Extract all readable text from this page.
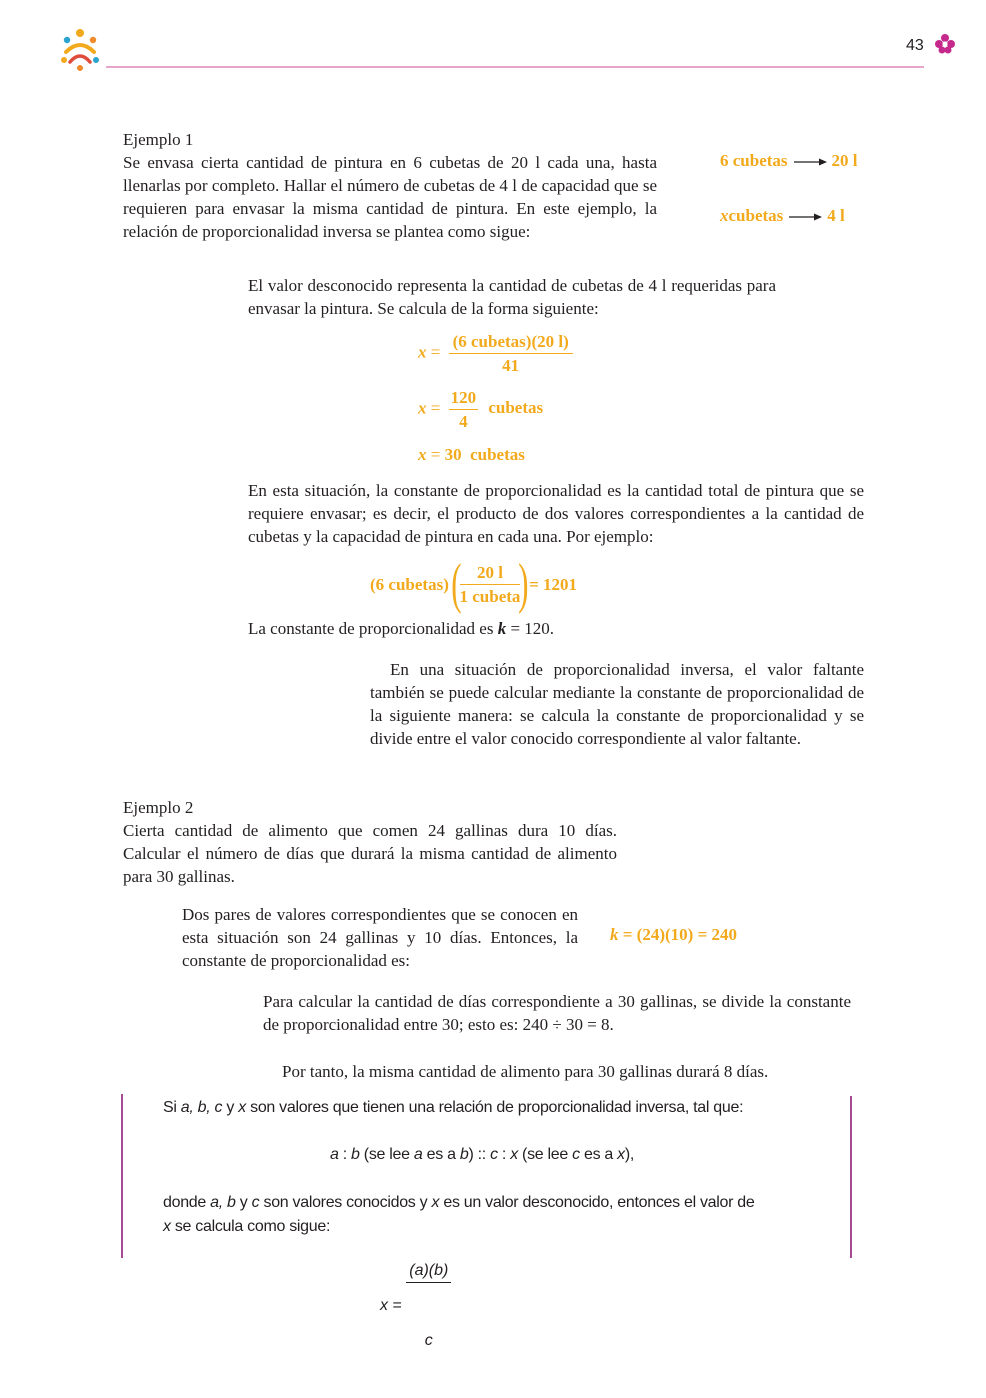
43
Ejemplo 1
Se envasa cierta cantidad de pintura en 6 cubetas de 20 l cada una, hasta llenarlas por completo. Hallar el número de cubetas de 4 l de capacidad que se requieren para envasar la misma cantidad de pintura. En este ejemplo, la relación de proporcionalidad inversa se plantea como sigue:
6 cubetas	20 l
xcubetas	4 l
El valor desconocido representa la cantidad de cubetas de 4 l requeridas para envasar la pintura. Se calcula de la forma siguiente:
$x = \frac{\text{(6 cubetas)(20 l)}}{41}$
$x = \frac{120}{4}$ cubetas
x = 30  cubetas
En esta situación, la constante de proporcionalidad es la cantidad total de pintura que se requiere envasar; es decir, el producto de dos valores correspondientes a la cantidad de cubetas y la capacidad de pintura en cada una. Por ejemplo:
(6 cubetas) (
$\frac{20 l}{\text{1 cubeta}}$
) = 1201
La constante de proporcionalidad es k = 120.
En una situación de proporcionalidad inversa, el valor faltante también se puede calcular mediante la constante de proporcionalidad de la siguiente manera: se calcula la constante de proporcionalidad y se divide entre el valor conocido correspondiente al valor faltante.
Ejemplo 2
Cierta cantidad de alimento que comen 24 gallinas dura 10 días. Calcular el número de días que durará la misma cantidad de alimento para 30 gallinas.
Dos pares de valores correspondientes que se conocen en esta situación son 24 gallinas y 10 días. Entonces, la constante de proporcionalidad es:
k = (24)(10) = 240
Para calcular la cantidad de días correspondiente a 30 gallinas, se divide la constante de proporcionalidad entre 30; esto es: 240 ÷ 30 = 8.
Por tanto, la misma cantidad de alimento para 30 gallinas durará 8 días.
Si a, b, c y x son valores que tienen una relación de proporcionalidad inversa, tal que:
a : b (se lee a es a b) :: c : x (se lee c es a x),
donde a, b y c son valores conocidos y x es un valor desconocido, entonces el valor de
x se calcula como sigue:
x =

$\frac{(a)(b)}{c}$
